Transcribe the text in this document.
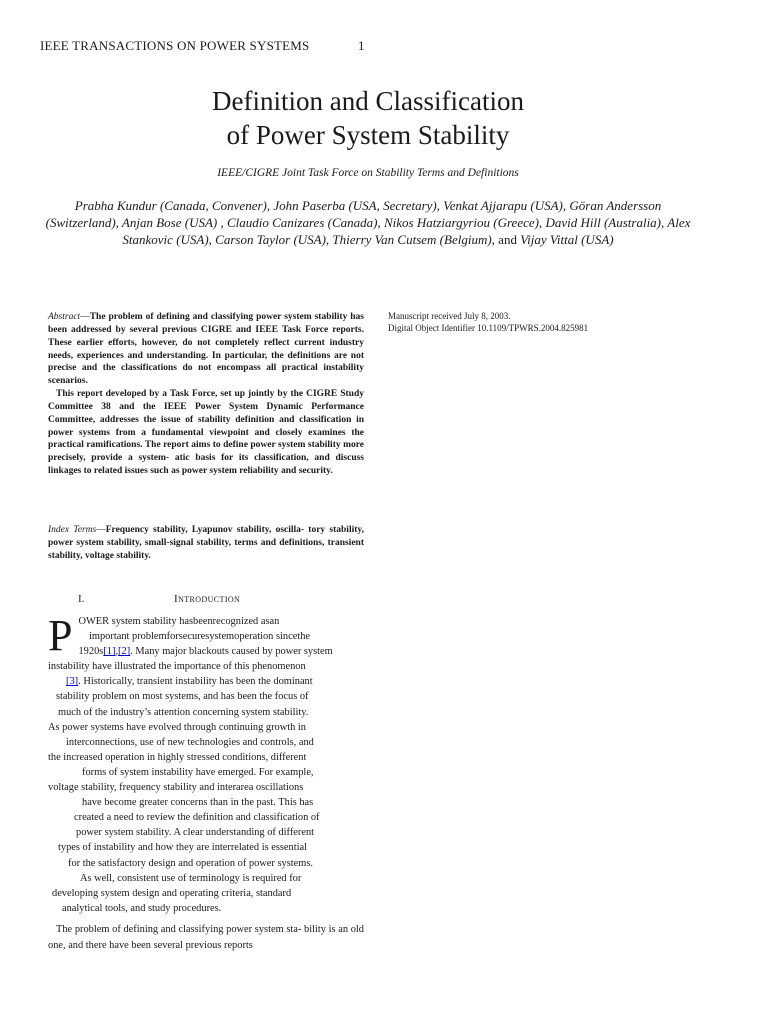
IEEE TRANSACTIONS ON POWER SYSTEMS	1
Definition and Classification
of Power System Stability
IEEE/CIGRE Joint Task Force on Stability Terms and Definitions
Prabha Kundur (Canada, Convener), John Paserba (USA, Secretary), Venkat Ajjarapu (USA), Göran Andersson (Switzerland), Anjan Bose (USA) , Claudio Canizares (Canada), Nikos Hatziargyriou (Greece), David Hill (Australia), Alex Stankovic (USA), Carson Taylor (USA), Thierry Van Cutsem (Belgium), and Vijay Vittal (USA)

Abstract—The problem of defining and classifying power system stability has been addressed by several previous CIGRE and IEEE Task Force reports. These earlier efforts, however, do not completely reflect current industry needs, experiences and understanding. In particular, the definitions are not precise and the classifications do not encompass all practical instability scenarios.

This report developed by a Task Force, set up jointly by the CIGRE Study Committee 38 and the IEEE Power System Dynamic Performance Committee, addresses the issue of stability definition and classification in power systems from a fundamental viewpoint and closely examines the practical ramifications. The report aims to define power system stability more precisely, provide a system- atic basis for its classification, and discuss linkages to related issues such as power system reliability and security.

Index Terms—Frequency stability, Lyapunov stability, oscilla- tory stability, power system stability, small-signal stability, terms and definitions, transient stability, voltage stability.
I.	Introduction
P OWER system stability hasbeenrecognized asan
important problemforsecuresystemoperation sincethe
1920s[1],[2]. Many major blackouts caused by power system
instability have illustrated the importance of this phenomenon
[3]. Historically, transient instability has been the dominant
stability problem on most systems, and has been the focus of
much of the industry’s attention concerning system stability.
As power systems have evolved through continuing growth in
interconnections, use of new technologies and controls, and
the increased operation in highly stressed conditions, different
forms of system instability have emerged. For example,
voltage stability, frequency stability and interarea oscillations
have become greater concerns than in the past. This has
created a need to review the definition and classification of
power system stability. A clear understanding of different
types of instability and how they are interrelated is essential
for the satisfactory design and operation of power systems.
As well, consistent use of terminology is required for
developing system design and operating criteria, standard
analytical tools, and study procedures.
The problem of defining and classifying power system sta- bility is an old one, and there have been several previous reports
Manuscript received July 8, 2003.
Digital Object Identifier 10.1109/TPWRS.2004.825981
